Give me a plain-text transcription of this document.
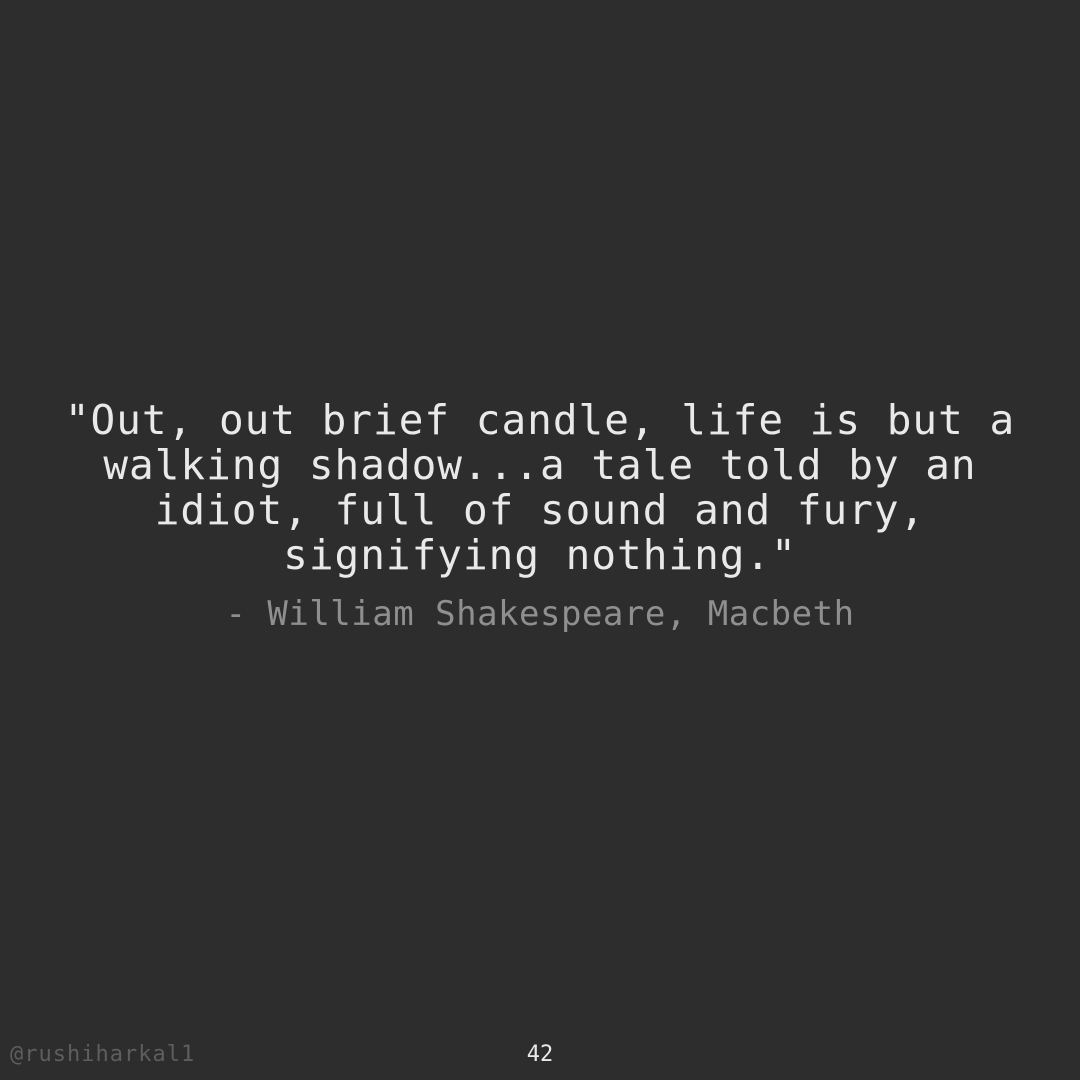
"Out, out brief candle, life is but a walking shadow...a tale told by an idiot, full of sound and fury, signifying nothing."

- William Shakespeare, Macbeth

@rushiharkal1	42
